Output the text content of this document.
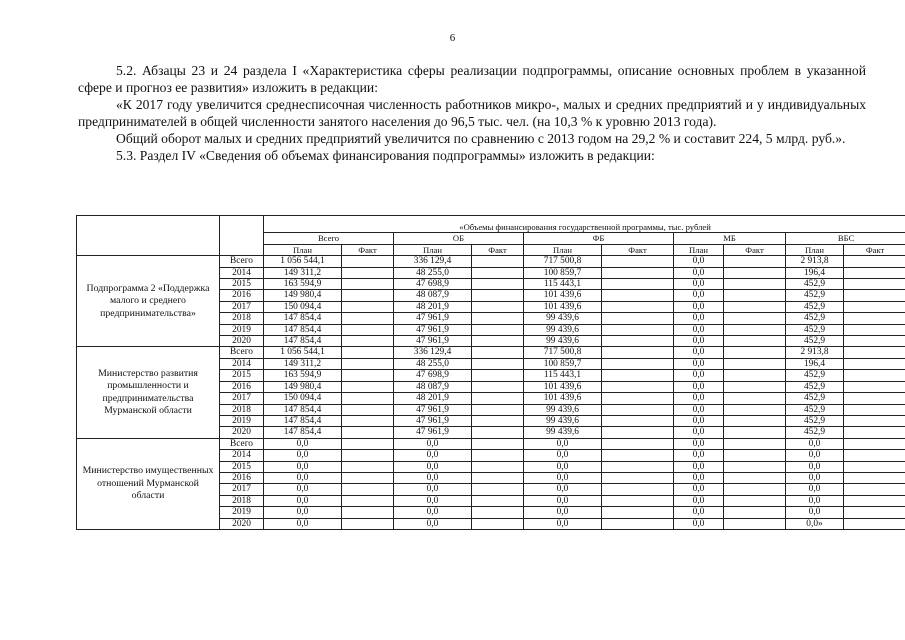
6

5.2. Абзацы 23 и 24 раздела I «Характеристика сферы реализации подпрограммы, описание основных проблем в указанной сфере и прогноз ее развития» изложить в редакции:

«К 2017 году увеличится среднесписочная численность работников микро-, малых и средних предприятий и у индивидуальных предпринимателей в общей численности занятого населения до 96,5 тыс. чел. (на 10,3 % к уровню 2013 года).

Общий оборот малых и средних предприятий увеличится по сравнению с 2013 годом на 29,2 % и составит 224, 5 млрд. руб.».

5.3. Раздел IV «Сведения об объемах финансирования подпрограммы» изложить в редакции:

		«Объемы финансирования государственной программы, тыс. рублей									
		Всего		ОБ		ФБ		МБ		ВБС	
		План	Факт	План	Факт	План	Факт	План	Факт	План	Факт
Подпрограмма 2 «Поддержка малого и среднего предпринимательства»	Всего	1 056 544,1		336 129,4		717 500,8		0,0		2 913,8	
	2014	149 311,2		48 255,0		100 859,7		0,0		196,4	
	2015	163 594,9		47 698,9		115 443,1		0,0		452,9	
	2016	149 980,4		48 087,9		101 439,6		0,0		452,9	
	2017	150 094,4		48 201,9		101 439,6		0,0		452,9	
	2018	147 854,4		47 961,9		99 439,6		0,0		452,9	
	2019	147 854,4		47 961,9		99 439,6		0,0		452,9	
	2020	147 854,4		47 961,9		99 439,6		0,0		452,9	
Министерство развития промышленности и предпринимательства Мурманской области	Всего	1 056 544,1		336 129,4		717 500,8		0,0		2 913,8	
	2014	149 311,2		48 255,0		100 859,7		0,0		196,4	
	2015	163 594,9		47 698,9		115 443,1		0,0		452,9	
	2016	149 980,4		48 087,9		101 439,6		0,0		452,9	
	2017	150 094,4		48 201,9		101 439,6		0,0		452,9	
	2018	147 854,4		47 961,9		99 439,6		0,0		452,9	
	2019	147 854,4		47 961,9		99 439,6		0,0		452,9	
	2020	147 854,4		47 961,9		99 439,6		0,0		452,9	
Министерство имущественных отношений Мурманской области	Всего	0,0		0,0		0,0		0,0		0,0	
	2014	0,0		0,0		0,0		0,0		0,0	
	2015	0,0		0,0		0,0		0,0		0,0	
	2016	0,0		0,0		0,0		0,0		0,0	
	2017	0,0		0,0		0,0		0,0		0,0	
	2018	0,0		0,0		0,0		0,0		0,0	
	2019	0,0		0,0		0,0		0,0		0,0	
	2020	0,0		0,0		0,0		0,0		0,0»	
